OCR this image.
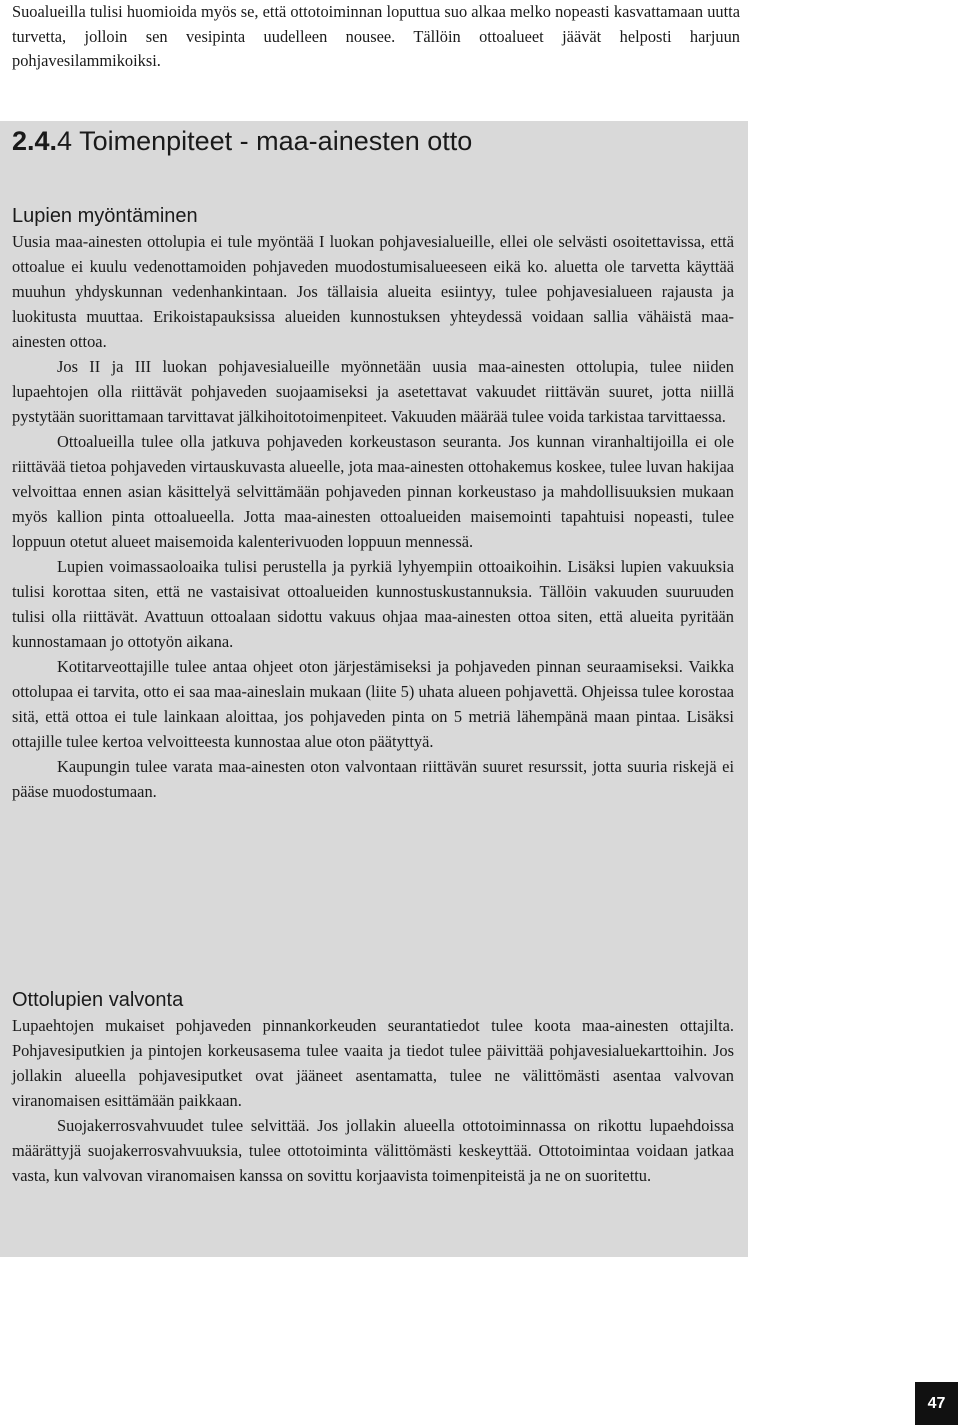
Suoalueilla tulisi huomioida myös se, että ottotoiminnan loputtua suo alkaa melko nopeasti kasvattamaan uutta turvetta, jolloin sen vesipinta uudelleen nousee. Tällöin ottoalueet jäävät helposti harjuun pohjavesilammikoiksi.

2.4.4 Toimenpiteet - maa-ainesten otto
Lupien myöntäminen

Uusia maa-ainesten ottolupia ei tule myöntää I luokan pohjavesialueille, ellei ole selvästi osoitettavissa, että ottoalue ei kuulu vedenottamoiden pohjaveden muodostumisalueeseen eikä ko. aluetta ole tarvetta käyttää muuhun yhdyskunnan vedenhankintaan. Jos tällaisia alueita esiintyy, tulee pohjavesialueen rajausta ja luokitusta muuttaa. Erikoistapauksissa alueiden kunnostuksen yhteydessä voidaan sallia vähäistä maa-ainesten ottoa.

Jos II ja III luokan pohjavesialueille myönnetään uusia maa-ainesten ottolupia, tulee niiden lupaehtojen olla riittävät pohjaveden suojaamiseksi ja asetettavat vakuudet riittävän suuret, jotta niillä pystytään suorittamaan tarvittavat jälkihoitotoimenpiteet. Vakuuden määrää tulee voida tarkistaa tarvittaessa.

Ottoalueilla tulee olla jatkuva pohjaveden korkeustason seuranta. Jos kunnan viranhaltijoilla ei ole riittävää tietoa pohjaveden virtauskuvasta alueelle, jota maa-ainesten ottohakemus koskee, tulee luvan hakijaa velvoittaa ennen asian käsittelyä selvittämään pohjaveden pinnan korkeustaso ja mahdollisuuksien mukaan myös kallion pinta ottoalueella. Jotta maa-ainesten ottoalueiden maisemointi tapahtuisi nopeasti, tulee loppuun otetut alueet maisemoida kalenterivuoden loppuun mennessä.

Lupien voimassaoloaika tulisi perustella ja pyrkiä lyhyempiin ottoaikoihin. Lisäksi lupien vakuuksia tulisi korottaa siten, että ne vastaisivat ottoalueiden kunnostuskustannuksia. Tällöin vakuuden suuruuden tulisi olla riittävät. Avattuun ottoalaan sidottu vakuus ohjaa maa-ainesten ottoa siten, että alueita pyritään kunnostamaan jo ottotyön aikana.

Kotitarveottajille tulee antaa ohjeet oton järjestämiseksi ja pohjaveden pinnan seuraamiseksi. Vaikka ottolupaa ei tarvita, otto ei saa maa-aineslain mukaan (liite 5) uhata alueen pohjavettä. Ohjeissa tulee korostaa sitä, että ottoa ei tule lainkaan aloittaa, jos pohjaveden pinta on 5 metriä lähempänä maan pintaa. Lisäksi ottajille tulee kertoa velvoitteesta kunnostaa alue oton päätyttyä.

Kaupungin tulee varata maa-ainesten oton valvontaan riittävän suuret resurssit, jotta suuria riskejä ei pääse muodostumaan.

Ottolupien valvonta

Lupaehtojen mukaiset pohjaveden pinnankorkeuden seurantatiedot tulee koota maa-ainesten ottajilta. Pohjavesiputkien ja pintojen korkeusasema tulee vaaita ja tiedot tulee päivittää pohjavesialuekarttoihin. Jos jollakin alueella pohjavesiputket ovat jääneet asentamatta, tulee ne välittömästi asentaa valvovan viranomaisen esittämään paikkaan.

Suojakerrosvahvuudet tulee selvittää. Jos jollakin alueella ottotoiminnassa on rikottu lupaehdoissa määrättyjä suojakerrosvahvuuksia, tulee ottotoiminta välittömästi keskeyttää. Ottotoimintaa voidaan jatkaa vasta, kun valvovan viranomaisen kanssa on sovittu korjaavista toimenpiteistä ja ne on suoritettu.

47
